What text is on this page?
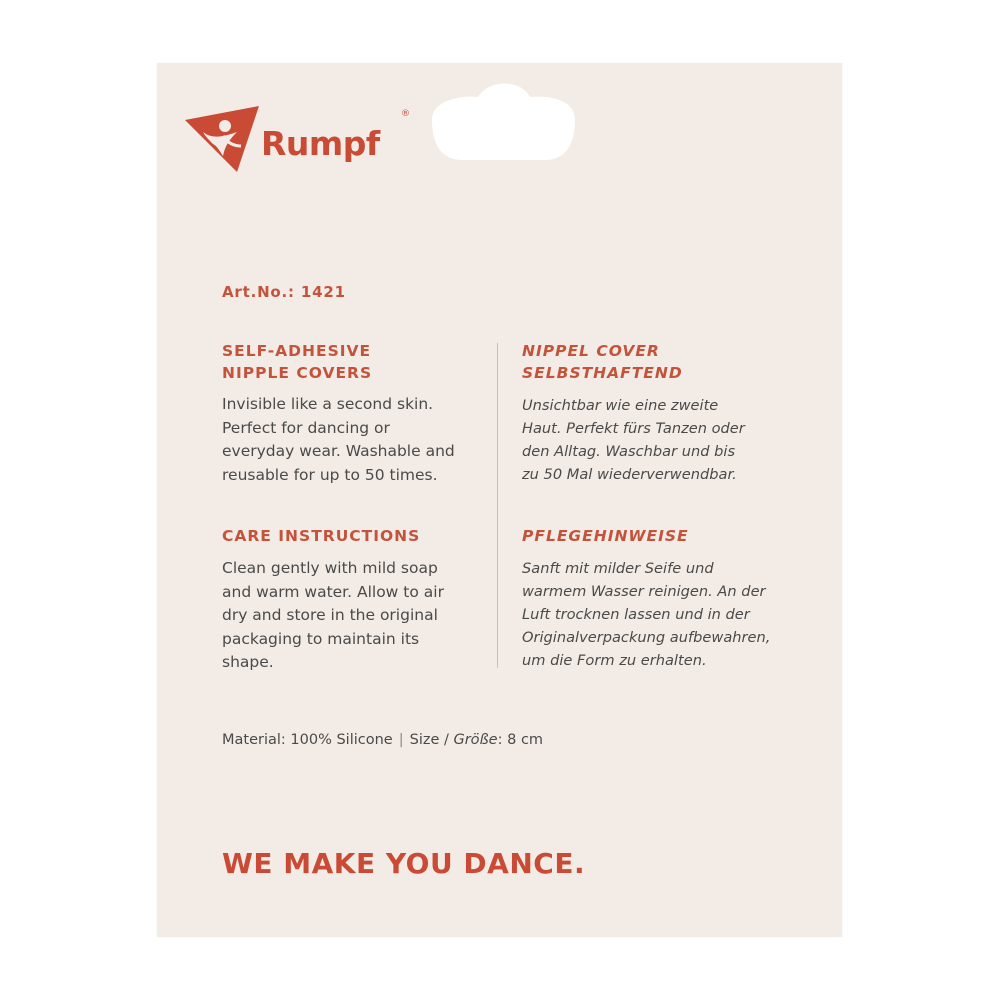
Rumpf
®
Art.No.: 1421

SELF-ADHESIVE
NIPPLE COVERS

Invisible like a second skin.
Perfect for dancing or
everyday wear. Washable and
reusable for up to 50 times.

CARE INSTRUCTIONS

Clean gently with mild soap
and warm water. Allow to air
dry and store in the original
packaging to maintain its
shape.

NIPPEL COVER
SELBSTHAFTEND

Unsichtbar wie eine zweite
Haut. Perfekt fürs Tanzen oder
den Alltag. Waschbar und bis
zu 50 Mal wiederverwendbar.

PFLEGEHINWEISE

Sanft mit milder Seife und
warmem Wasser reinigen. An der
Luft trocknen lassen und in der
Originalverpackung aufbewahren,
um die Form zu erhalten.

Material: 100% Silicone | Size / Größe: 8 cm
WE MAKE YOU DANCE.
